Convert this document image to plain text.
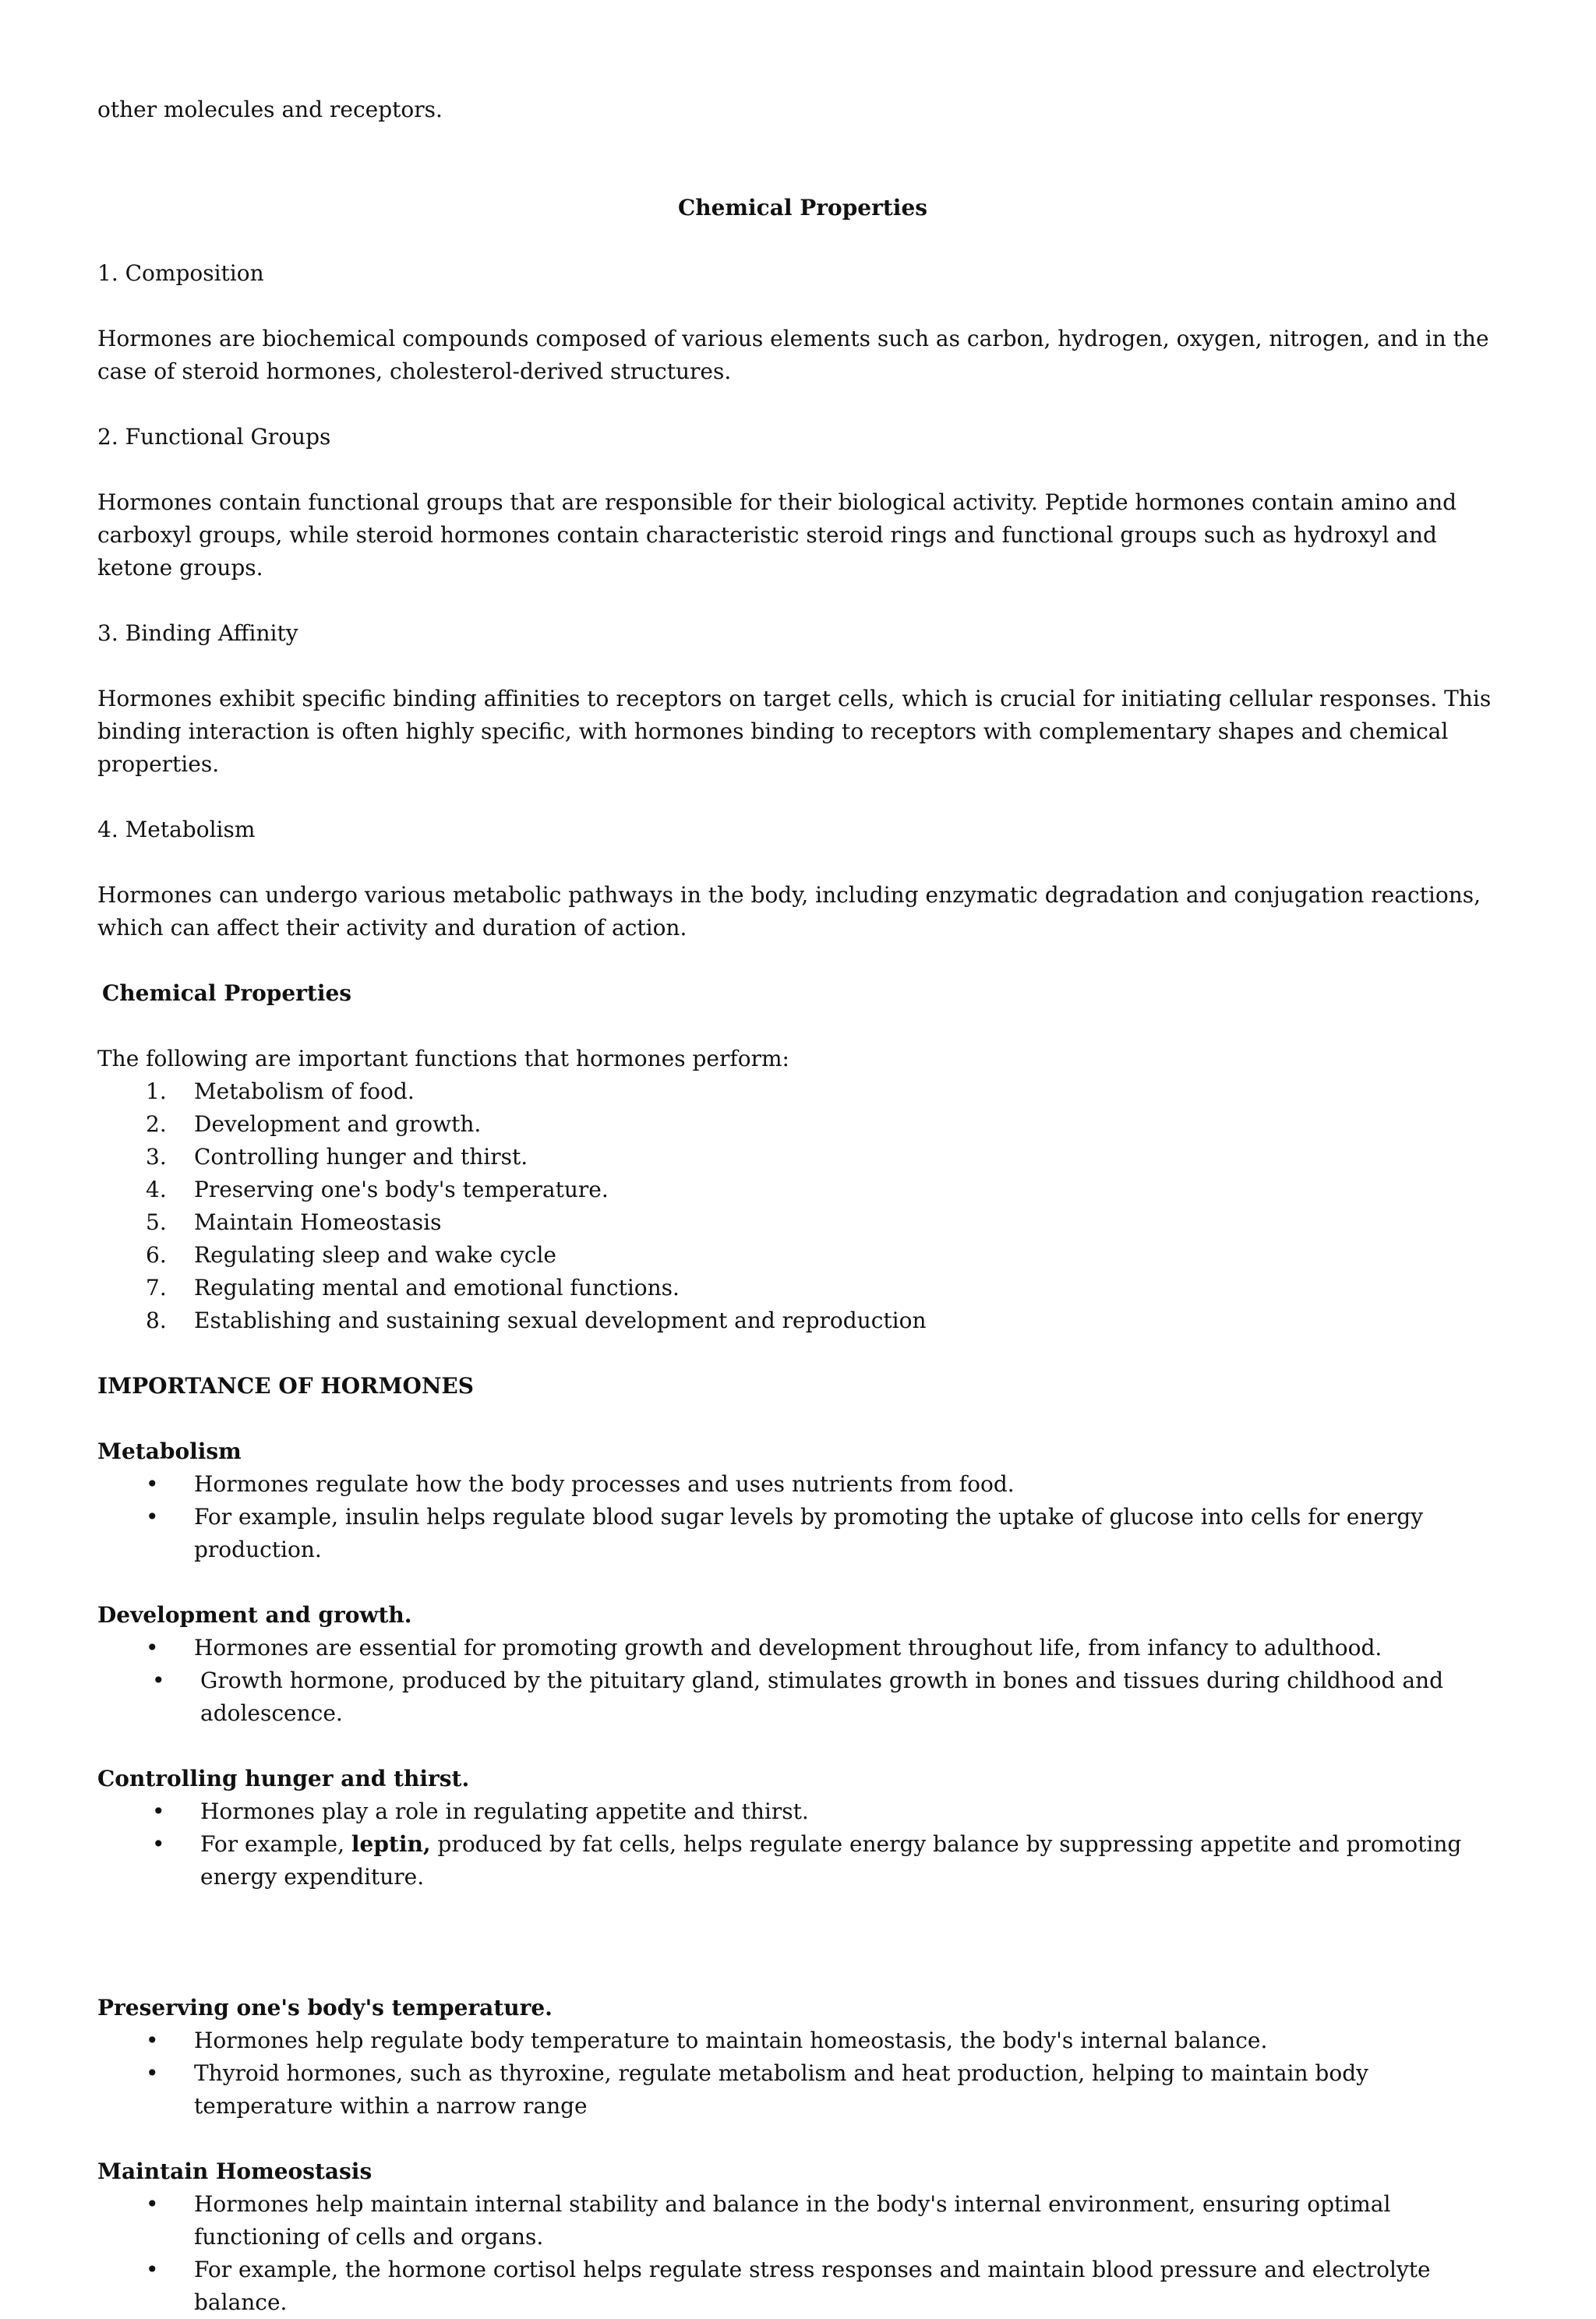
other molecules and receptors.

Chemical Properties

1. Composition

Hormones are biochemical compounds composed of various elements such as carbon, hydrogen, oxygen, nitrogen, and in the case of steroid hormones, cholesterol-derived structures.

2. Functional Groups

Hormones contain functional groups that are responsible for their biological activity. Peptide hormones contain amino and carboxyl groups, while steroid hormones contain characteristic steroid rings and functional groups such as hydroxyl and ketone groups.

3. Binding Affinity

Hormones exhibit specific binding affinities to receptors on target cells, which is crucial for initiating cellular responses. This binding interaction is often highly specific, with hormones binding to receptors with complementary shapes and chemical properties.

4. Metabolism

Hormones can undergo various metabolic pathways in the body, including enzymatic degradation and conjugation reactions, which can affect their activity and duration of action.

Chemical Properties

The following are important functions that hormones perform:

1.	Metabolism of food.
2.	Development and growth.
3.	Controlling hunger and thirst.
4.	Preserving one's body's temperature.
5.	Maintain Homeostasis
6.	Regulating sleep and wake cycle
7.	Regulating mental and emotional functions.
8.	Establishing and sustaining sexual development and reproduction

IMPORTANCE OF HORMONES

Metabolism

• Hormones regulate how the body processes and uses nutrients from food.
• For example, insulin helps regulate blood sugar levels by promoting the uptake of glucose into cells for energy production.

Development and growth.

• Hormones are essential for promoting growth and development throughout life, from infancy to adulthood.
• Growth hormone, produced by the pituitary gland, stimulates growth in bones and tissues during childhood and adolescence.

Controlling hunger and thirst.

• Hormones play a role in regulating appetite and thirst.
• For example, leptin, produced by fat cells, helps regulate energy balance by suppressing appetite and promoting energy expenditure.

Preserving one's body's temperature.

• Hormones help regulate body temperature to maintain homeostasis, the body's internal balance.
• Thyroid hormones, such as thyroxine, regulate metabolism and heat production, helping to maintain body temperature within a narrow range

Maintain Homeostasis

• Hormones help maintain internal stability and balance in the body's internal environment, ensuring optimal functioning of cells and organs.
• For example, the hormone cortisol helps regulate stress responses and maintain blood pressure and electrolyte balance.
